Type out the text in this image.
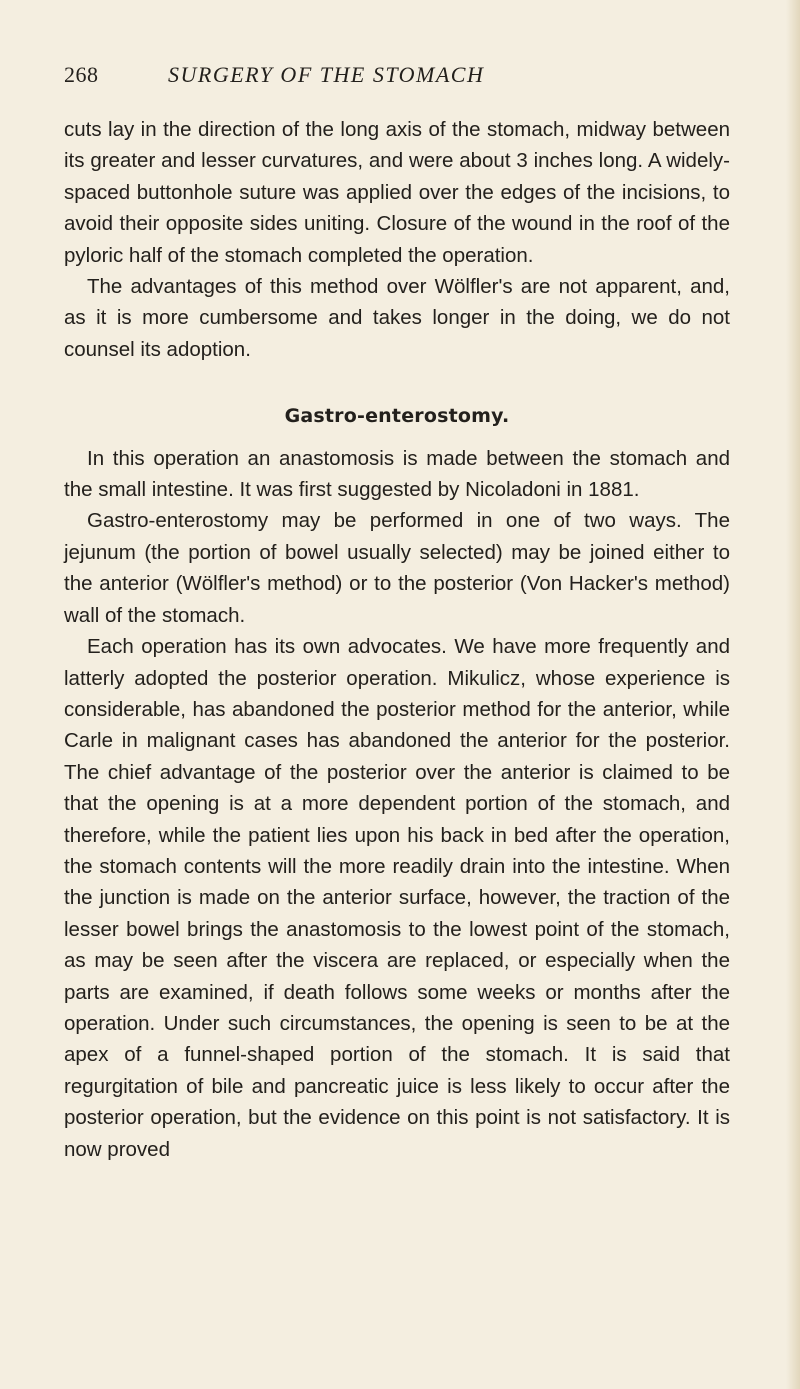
268	SURGERY OF THE STOMACH

cuts lay in the direction of the long axis of the stomach, midway between its greater and lesser curvatures, and were about 3 inches long. A widely-spaced buttonhole suture was applied over the edges of the incisions, to avoid their opposite sides uniting. Closure of the wound in the roof of the pyloric half of the stomach completed the operation.

The advantages of this method over Wölfler's are not apparent, and, as it is more cumbersome and takes longer in the doing, we do not counsel its adoption.

Gastro-enterostomy.

In this operation an anastomosis is made between the stomach and the small intestine. It was first suggested by Nicoladoni in 1881.

Gastro-enterostomy may be performed in one of two ways. The jejunum (the portion of bowel usually selected) may be joined either to the anterior (Wölfler's method) or to the posterior (Von Hacker's method) wall of the stomach.

Each operation has its own advocates. We have more frequently and latterly adopted the posterior operation. Mikulicz, whose experience is considerable, has abandoned the posterior method for the anterior, while Carle in malignant cases has abandoned the anterior for the posterior. The chief advantage of the posterior over the anterior is claimed to be that the opening is at a more dependent portion of the stomach, and therefore, while the patient lies upon his back in bed after the operation, the stomach contents will the more readily drain into the intestine. When the junction is made on the anterior surface, however, the traction of the lesser bowel brings the anastomosis to the lowest point of the stomach, as may be seen after the viscera are replaced, or especially when the parts are examined, if death follows some weeks or months after the operation. Under such circumstances, the opening is seen to be at the apex of a funnel-shaped portion of the stomach. It is said that regurgitation of bile and pancreatic juice is less likely to occur after the posterior operation, but the evidence on this point is not satisfactory. It is now proved
